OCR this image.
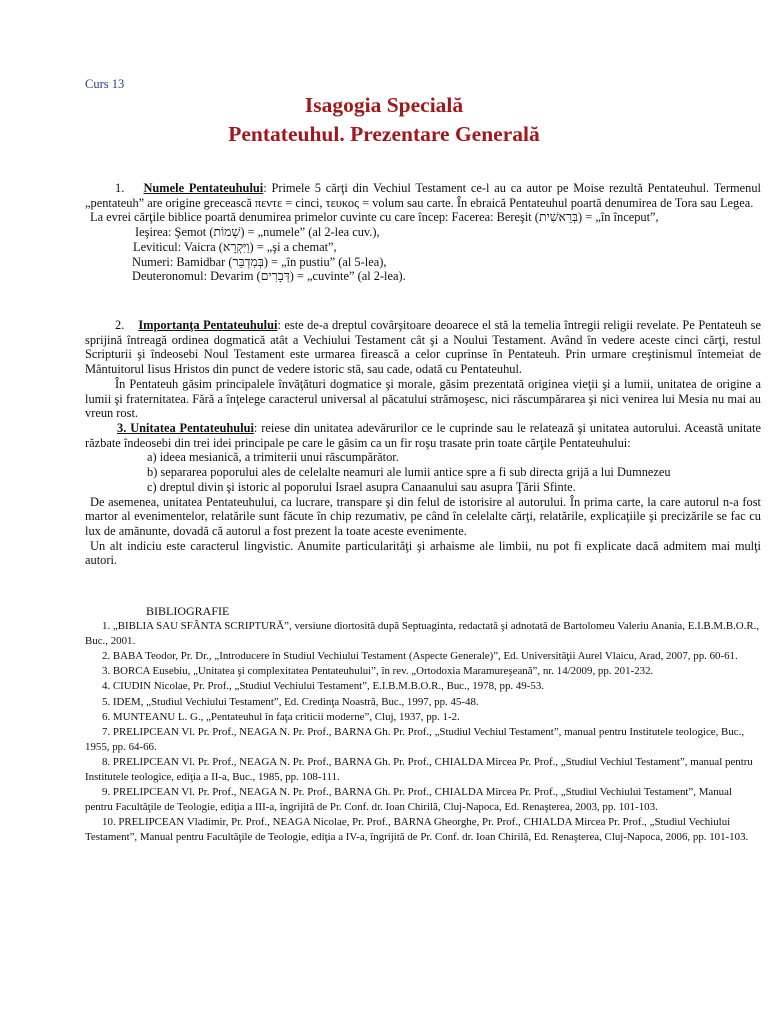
Curs 13
Isagogia Specială
Pentateuhul. Prezentare Generală

1. Numele Pentateuhului: Primele 5 cărţi din Vechiul Testament ce-l au ca autor pe Moise rezultă Pentateuhul. Termenul „pentateuh” are origine grecească πεντε = cinci, τευκος = volum sau carte. În ebraică Pentateuhul poartă denumirea de Tora sau Legea.

La evrei cărţile biblice poartă denumirea primelor cuvinte cu care încep: Facerea: Bereşit (בְּרֵאשִׁית) = „în început”,

Ieşirea: Şemot (שְׁמוֹת) = „numele” (al 2-lea cuv.),

Leviticul: Vaicra (וַיִּקְרָא) = „şi a chemat”,

Numeri: Bamidbar (בְּמִדְבַּר) = „în pustiu” (al 5-lea),

Deuteronomul: Devarim (דְּבָרִים) = „cuvinte” (al 2-lea).

2. Importanţa Pentateuhului: este de-a dreptul covârşitoare deoarece el stă la temelia întregii religii revelate. Pe Pentateuh se sprijină întreagă ordinea dogmatică atât a Vechiului Testament cât şi a Noului Testament. Având în vedere aceste cinci cărţi, restul Scripturii şi îndeosebi Noul Testament este urmarea firească a celor cuprinse în Pentateuh. Prin urmare creştinismul întemeiat de Mântuitorul Iisus Hristos din punct de vedere istoric stă, sau cade, odată cu Pentateuhul.

În Pentateuh găsim principalele învăţături dogmatice şi morale, găsim prezentată originea vieţii şi a lumii, unitatea de origine a lumii şi fraternitatea. Fără a înţelege caracterul universal al păcatului strămoşesc, nici răscumpărarea şi nici venirea lui Mesia nu mai au vreun rost.

3. Unitatea Pentateuhului: reiese din unitatea adevărurilor ce le cuprinde sau le relatează şi unitatea autorului. Această unitate răzbate îndeosebi din trei idei principale pe care le găsim ca un fir roşu trasate prin toate cărţile Pentateuhului:

a) ideea mesianică, a trimiterii unui răscumpărător.

b) separarea poporului ales de celelalte neamuri ale lumii antice spre a fi sub directa grijă a lui Dumnezeu

c) dreptul divin şi istoric al poporului Israel asupra Canaanului sau asupra Ţării Sfinte.

De asemenea, unitatea Pentateuhului, ca lucrare, transpare şi din felul de istorisire al autorului. În prima carte, la care autorul n-a fost martor al evenimentelor, relatările sunt făcute în chip rezumativ, pe când în celelalte cărţi, relatările, explicaţiile şi precizările se fac cu lux de amănunte, dovadă că autorul a fost prezent la toate aceste evenimente.

Un alt indiciu este caracterul lingvistic. Anumite particularităţi şi arhaisme ale limbii, nu pot fi explicate dacă admitem mai mulţi autori.

BIBLIOGRAFIE

1. „BIBLIA SAU SFÂNTA SCRIPTURĂ”, versiune diortosită după Septuaginta, redactată şi adnotată de Bartolomeu Valeriu Anania, E.I.B.M.B.O.R., Buc., 2001.

2. BABA Teodor, Pr. Dr., „Introducere în Studiul Vechiului Testament (Aspecte Generale)”, Ed. Universităţii Aurel Vlaicu, Arad, 2007, pp. 60-61.

3. BORCA Eusebiu, „Unitatea şi complexitatea Pentateuhului”, în rev. „Ortodoxia Maramureşeană”, nr. 14/2009, pp. 201-232.

4. CIUDIN Nicolae, Pr. Prof., „Studiul Vechiului Testament”, E.I.B.M.B.O.R., Buc., 1978, pp. 49-53.

5. IDEM, „Studiul Vechiului Testament”, Ed. Credinţa Noastră, Buc., 1997, pp. 45-48.

6. MUNTEANU L. G., „Pentateuhul în faţa criticii moderne”, Cluj, 1937, pp. 1-2.

7. PRELIPCEAN Vl. Pr. Prof., NEAGA N. Pr. Prof., BARNA Gh. Pr. Prof., „Studiul Vechiul Testament”, manual pentru Institutele teologice, Buc., 1955, pp. 64-66.

8. PRELIPCEAN Vl. Pr. Prof., NEAGA N. Pr. Prof., BARNA Gh. Pr. Prof., CHIALDA Mircea Pr. Prof., „Studiul Vechiul Testament”, manual pentru Institutele teologice, ediţia a II-a, Buc., 1985, pp. 108-111.

9. PRELIPCEAN Vl. Pr. Prof., NEAGA N. Pr. Prof., BARNA Gh. Pr. Prof., CHIALDA Mircea Pr. Prof., „Studiul Vechiului Testament”, Manual pentru Facultăţile de Teologie, ediţia a III-a, îngrijită de Pr. Conf. dr. Ioan Chirilă, Cluj-Napoca, Ed. Renaşterea, 2003, pp. 101-103.

10. PRELIPCEAN Vladimir, Pr. Prof., NEAGA Nicolae, Pr. Prof., BARNA Gheorghe, Pr. Prof., CHIALDA Mircea Pr. Prof., „Studiul Vechiului Testament”, Manual pentru Facultăţile de Teologie, ediţia a IV-a, îngrijită de Pr. Conf. dr. Ioan Chirilă, Ed. Renaşterea, Cluj-Napoca, 2006, pp. 101-103.
